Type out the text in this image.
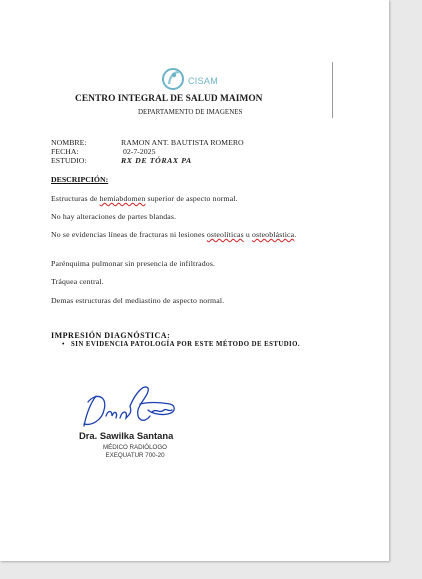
CISAM
CENTRO INTEGRAL DE SALUD MAIMON
DEPARTAMENTO DE IMAGENES
NOMBRE:	RAMON ANT. BAUTISTA ROMERO
FECHA:	02-7-2025
ESTUDIO:	RX DE TÓRAX PA
DESCRIPCIÓN:
Estructuras de hemiabdomen superior de aspecto normal.
No hay alteraciones de partes blandas.
No se evidencias líneas de fracturas ni lesiones osteolíticas u osteoblástica.
Parénquima pulmonar sin presencia de infiltrados.
Tráquea central.
Demas estructuras del mediastino de aspecto normal.
IMPRESIÓN DIAGNÓSTICA:
• SIN EVIDENCIA PATOLOGÍA POR ESTE MÉTODO DE ESTUDIO.
Dra. Sawilka Santana
MÉDICO RADIÓLOGO
EXEQUATUR 700-20
